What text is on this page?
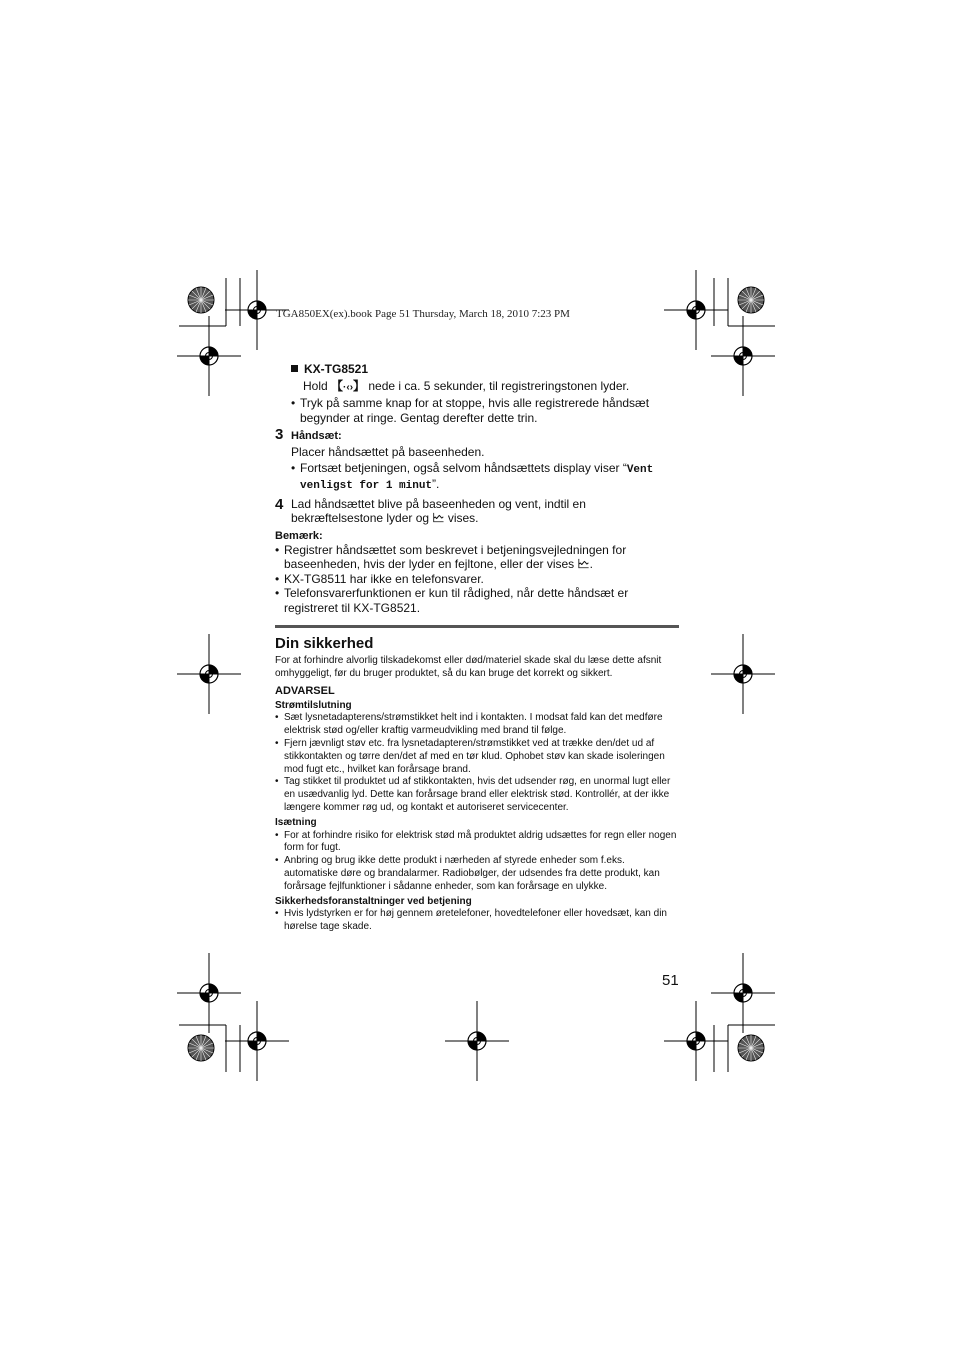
TGA850EX(ex).book Page 51 Thursday, March 18, 2010 7:23 PM
KX-TG8521
Hold 【·‹›】 nede i ca. 5 sekunder, til registreringstonen lyder.
• Tryk på samme knap for at stoppe, hvis alle registrerede håndsæt begynder at ringe. Gentag derefter dette trin.
3 Håndsæt:
Placer håndsættet på baseenheden.
• Fortsæt betjeningen, også selvom håndsættets display viser “Vent venligst for 1 minut”.
4 Lad håndsættet blive på baseenheden og vent, indtil en bekræftelsestone lyder og 🗠 vises.
Bemærk:
• Registrer håndsættet som beskrevet i betjeningsvejledningen for baseenheden, hvis der lyder en fejltone, eller der vises 🗠.
• KX-TG8511 har ikke en telefonsvarer.
• Telefonsvarerfunktionen er kun til rådighed, når dette håndsæt er registreret til KX-TG8521.
Din sikkerhed
For at forhindre alvorlig tilskadekomst eller død/materiel skade skal du læse dette afsnit omhyggeligt, før du bruger produktet, så du kan bruge det korrekt og sikkert.
ADVARSEL
Strømtilslutning
• Sæt lysnetadapterens/strømstikket helt ind i kontakten. I modsat fald kan det medføre elektrisk stød og/eller kraftig varmeudvikling med brand til følge.
• Fjern jævnligt støv etc. fra lysnetadapteren/strømstikket ved at trække den/det ud af stikkontakten og tørre den/det af med en tør klud. Ophobet støv kan skade isoleringen mod fugt etc., hvilket kan forårsage brand.
• Tag stikket til produktet ud af stikkontakten, hvis det udsender røg, en unormal lugt eller en usædvanlig lyd. Dette kan forårsage brand eller elektrisk stød. Kontrollér, at der ikke længere kommer røg ud, og kontakt et autoriseret servicecenter.
Isætning
• For at forhindre risiko for elektrisk stød må produktet aldrig udsættes for regn eller nogen form for fugt.
• Anbring og brug ikke dette produkt i nærheden af styrede enheder som f.eks. automatiske døre og brandalarmer. Radiobølger, der udsendes fra dette produkt, kan forårsage fejlfunktioner i sådanne enheder, som kan forårsage en ulykke.
Sikkerhedsforanstaltninger ved betjening
• Hvis lydstyrken er for høj gennem øretelefoner, hovedtelefoner eller hovedsæt, kan din hørelse tage skade.
51
